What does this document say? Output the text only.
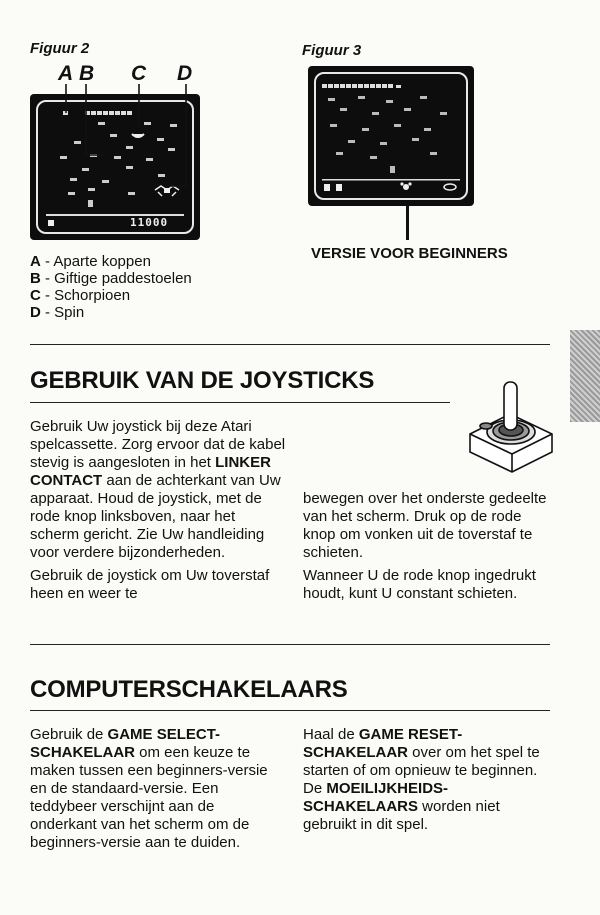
Figuur 2
A B C D
11000
A - Aparte koppen
B - Giftige paddestoelen
C - Schorpioen
D - Spin
Figuur 3
VERSIE VOOR BEGINNERS
GEBRUIK VAN DE JOYSTICKS

Gebruik Uw joystick bij deze Atari spelcassette. Zorg ervoor dat de kabel stevig is aangesloten in het LINKER CONTACT aan de achterkant van Uw apparaat. Houd de joystick, met de rode knop linksboven, naar het scherm gericht. Zie Uw handleiding voor verdere bijzonderheden.

Gebruik de joystick om Uw toverstaf heen en weer te

bewegen over het onderste gedeelte van het scherm. Druk op de rode knop om vonken uit de toverstaf te schieten.

Wanneer U de rode knop ingedrukt houdt, kunt U constant schieten.

COMPUTERSCHAKELAARS

Gebruik de GAME SELECT-SCHAKELAAR om een keuze te maken tussen een beginners-versie en de standaard-versie. Een teddybeer verschijnt aan de onderkant van het scherm om de beginners-versie aan te duiden.

Haal de GAME RESET-SCHAKELAAR over om het spel te starten of om opnieuw te beginnen. De MOEILIJKHEIDS-SCHAKELAARS worden niet gebruikt in dit spel.
